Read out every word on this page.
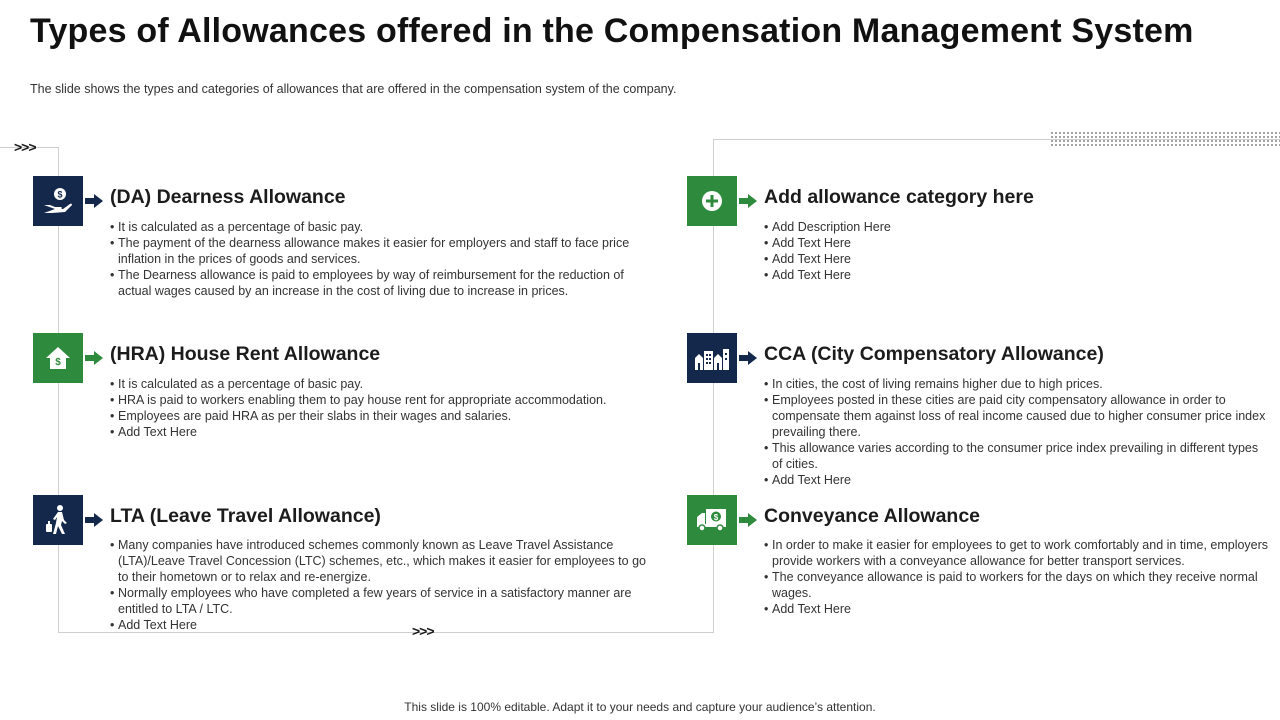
Types of Allowances offered in the Compensation Management System
The slide shows the types and categories of allowances that are offered in the compensation system of the company.
>>>
>>>
$ (DA) Dearness Allowance
• It is calculated as a percentage of basic pay.
• The payment of the dearness allowance makes it easier for employers and staff to face price inflation in the prices of goods and services.
• The Dearness allowance is paid to employees by way of reimbursement for the reduction of actual wages caused by an increase in the cost of living due to increase in prices.
$	(HRA) House Rent Allowance
• It is calculated as a percentage of basic pay.
• HRA is paid to workers enabling them to pay house rent for appropriate accommodation.
• Employees are paid HRA as per their slabs in their wages and salaries.
• Add Text Here
LTA (Leave Travel Allowance)
• Many companies have introduced schemes commonly known as Leave Travel Assistance (LTA)/Leave Travel Concession (LTC) schemes, etc., which makes it easier for employees to go to their hometown or to relax and re-energize.
• Normally employees who have completed a few years of service in a satisfactory manner are entitled to LTA / LTC.
• Add Text Here
Add allowance category here
• Add Description Here
• Add Text Here
• Add Text Here
• Add Text Here
CCA (City Compensatory Allowance)
• In cities, the cost of living remains higher due to high prices.
• Employees posted in these cities are paid city compensatory allowance in order to compensate them against loss of real income caused due to higher consumer price index prevailing there.
• This allowance varies according to the consumer price index prevailing in different types of cities.
• Add Text Here
$ Conveyance Allowance
• In order to make it easier for employees to get to work comfortably and in time, employers provide workers with a conveyance allowance for better transport services.
• The conveyance allowance is paid to workers for the days on which they receive normal wages.
• Add Text Here
This slide is 100% editable. Adapt it to your needs and capture your audience’s attention.
